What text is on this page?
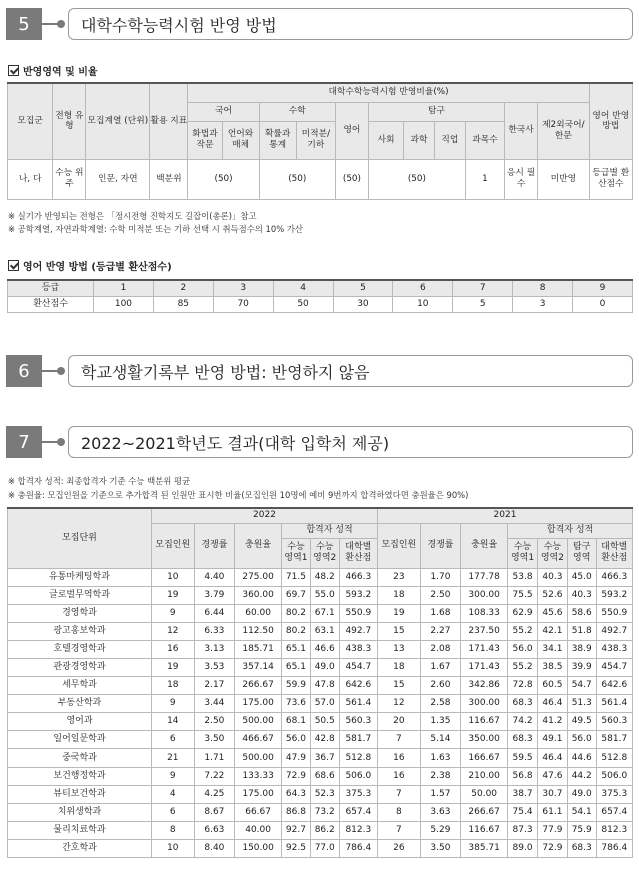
5	대학수학능력시험 반영 방법
반영영역 및 비율
모집군	전형 유형	모집계열 (단위)	활용 지표	대학수학능력시험 반영비율(%)											영어 반영 방법
				국어		수학		영어	탐구				한국사	제2외국어/ 한문	
				화법과 작문	언어와 매체	확률과 통계	미적분/ 기하		사회	과학	직업	과목수			
나, 다	수능 위주	인문, 자연	백분위	(50)		(50)		(50)	(50)			1	응시 필수	미반영	등급별 환산점수
※ 실기가 반영되는 전형은 「정시전형 진학지도 길잡이(총론)」참고
※ 공학계열, 자연과학계열: 수학 미적분 또는 기하 선택 시 취득점수의 10% 가산
영어 반영 방법 (등급별 환산점수)
등급	1	2	3	4	5	6	7	8	9
환산점수	100	85	70	50	30	10	5	3	0
6	학교생활기록부 반영 방법: 반영하지 않음
7	2022~2021학년도 결과(대학 입학처 제공)
※ 합격자 성적: 최종합격자 기준 수능 백분위 평균
※ 충원율: 모집인원을 기준으로 추가합격 된 인원만 표시한 비율(모집인원 10명에 예비 9번까지 합격하였다면 충원율은 90%)
모집단위	2022						2021						
	모집인원	경쟁률	충원율	합격자 성적			모집인원	경쟁률	충원율	합격자 성적			
				수능 영역1	수능 영역2	대학별 환산점				수능 영역1	수능 영역2	탐구 영역	대학별 환산점
유통마케팅학과	10	4.40	275.00	71.5	48.2	466.3	23	1.70	177.78	53.8	40.3	45.0	466.3
글로벌무역학과	19	3.79	360.00	69.7	55.0	593.2	18	2.50	300.00	75.5	52.6	40.3	593.2
경영학과	9	6.44	60.00	80.2	67.1	550.9	19	1.68	108.33	62.9	45.6	58.6	550.9
광고홍보학과	12	6.33	112.50	80.2	63.1	492.7	15	2.27	237.50	55.2	42.1	51.8	492.7
호텔경영학과	16	3.13	185.71	65.1	46.6	438.3	13	2.08	171.43	56.0	34.1	38.9	438.3
관광경영학과	19	3.53	357.14	65.1	49.0	454.7	18	1.67	171.43	55.2	38.5	39.9	454.7
세무학과	18	2.17	266.67	59.9	47.8	642.6	15	2.60	342.86	72.8	60.5	54.7	642.6
부동산학과	9	3.44	175.00	73.6	57.0	561.4	12	2.58	300.00	68.3	46.4	51.3	561.4
영어과	14	2.50	500.00	68.1	50.5	560.3	20	1.35	116.67	74.2	41.2	49.5	560.3
일어일문학과	6	3.50	466.67	56.0	42.8	581.7	7	5.14	350.00	68.3	49.1	56.0	581.7
중국학과	21	1.71	500.00	47.9	36.7	512.8	16	1.63	166.67	59.5	46.4	44.6	512.8
보건행정학과	9	7.22	133.33	72.9	68.6	506.0	16	2.38	210.00	56.8	47.6	44.2	506.0
뷰티보건학과	4	4.25	175.00	64.3	52.3	375.3	7	1.57	50.00	38.7	30.7	49.0	375.3
치위생학과	6	8.67	66.67	86.8	73.2	657.4	8	3.63	266.67	75.4	61.1	54.1	657.4
물리치료학과	8	6.63	40.00	92.7	86.2	812.3	7	5.29	116.67	87.3	77.9	75.9	812.3
간호학과	10	8.40	150.00	92.5	77.0	786.4	26	3.50	385.71	89.0	72.9	68.3	786.4
